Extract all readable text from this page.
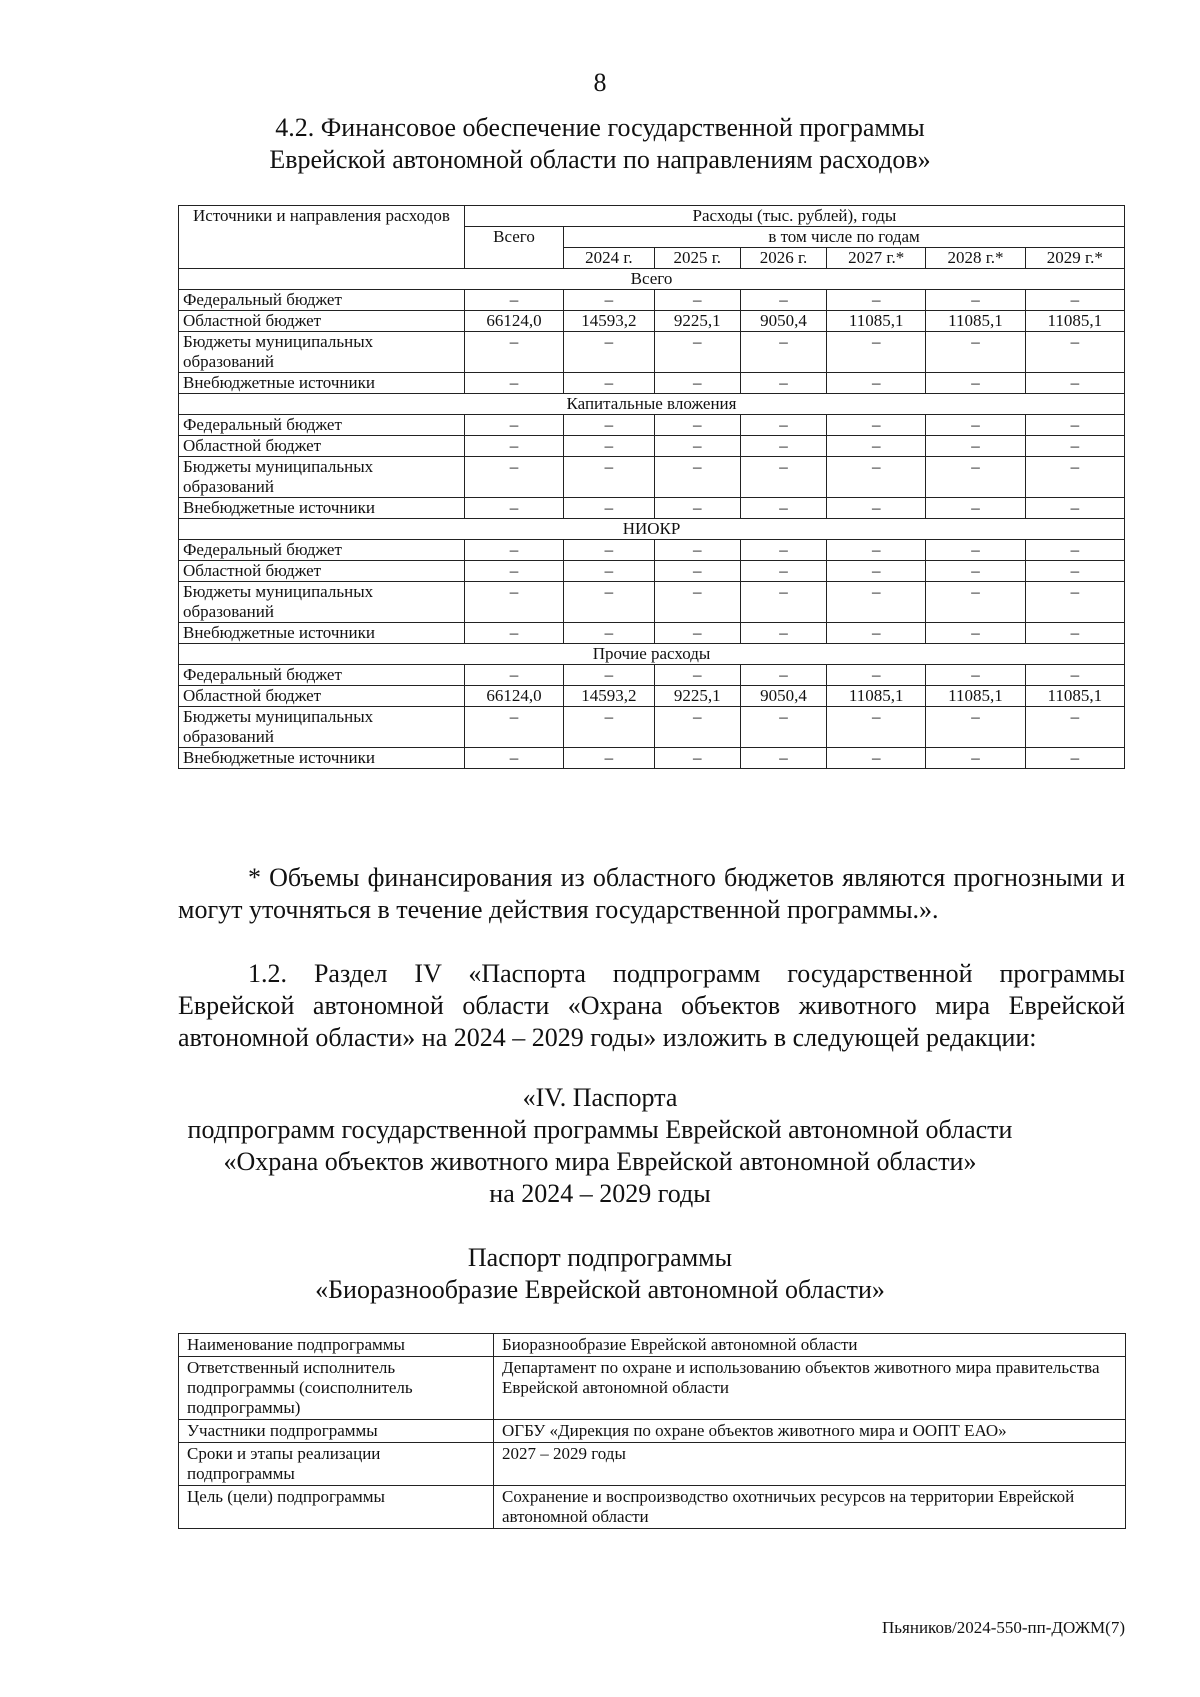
8
4.2. Финансовое обеспечение государственной программы
Еврейской автономной области по направлениям расходов»
Источники и направления расходов	Расходы (тыс. рублей), годы						
	Всего	в том числе по годам					
		2024 г.	2025 г.	2026 г.	2027 г.*	2028 г.*	2029 г.*
Всего							
Федеральный бюджет	–	–	–	–	–	–	–
Областной бюджет	66124,0	14593,2	9225,1	9050,4	11085,1	11085,1	11085,1
Бюджеты муниципальных образований	–	–	–	–	–	–	–
Внебюджетные источники	–	–	–	–	–	–	–
Капитальные вложения							
Федеральный бюджет	–	–	–	–	–	–	–
Областной бюджет	–	–	–	–	–	–	–
Бюджеты муниципальных образований	–	–	–	–	–	–	–
Внебюджетные источники	–	–	–	–	–	–	–
НИОКР							
Федеральный бюджет	–	–	–	–	–	–	–
Областной бюджет	–	–	–	–	–	–	–
Бюджеты муниципальных образований	–	–	–	–	–	–	–
Внебюджетные источники	–	–	–	–	–	–	–
Прочие расходы							
Федеральный бюджет	–	–	–	–	–	–	–
Областной бюджет	66124,0	14593,2	9225,1	9050,4	11085,1	11085,1	11085,1
Бюджеты муниципальных образований	–	–	–	–	–	–	–
Внебюджетные источники	–	–	–	–	–	–	–
* Объемы финансирования из областного бюджетов являются прогнозными и могут уточняться в течение действия государственной программы.».
1.2. Раздел IV «Паспорта подпрограмм государственной программы Еврейской автономной области «Охрана объектов животного мира Еврейской автономной области» на 2024 – 2029 годы» изложить в следующей редакции:
«IV. Паспорта
подпрограмм государственной программы Еврейской автономной области
«Охрана объектов животного мира Еврейской автономной области»
на 2024 – 2029 годы
Паспорт подпрограммы
«Биоразнообразие Еврейской автономной области»
Наименование подпрограммы	Биоразнообразие Еврейской автономной области
Ответственный исполнитель подпрограммы (соисполнитель подпрограммы)	Департамент по охране и использованию объектов животного мира правительства Еврейской автономной области
Участники подпрограммы	ОГБУ «Дирекция по охране объектов животного мира и ООПТ ЕАО»
Сроки и этапы реализации подпрограммы	2027 – 2029 годы
Цель (цели) подпрограммы	Сохранение и воспроизводство охотничьих ресурсов на территории Еврейской автономной области
Пьяников/2024-550-пп-ДОЖМ(7)
